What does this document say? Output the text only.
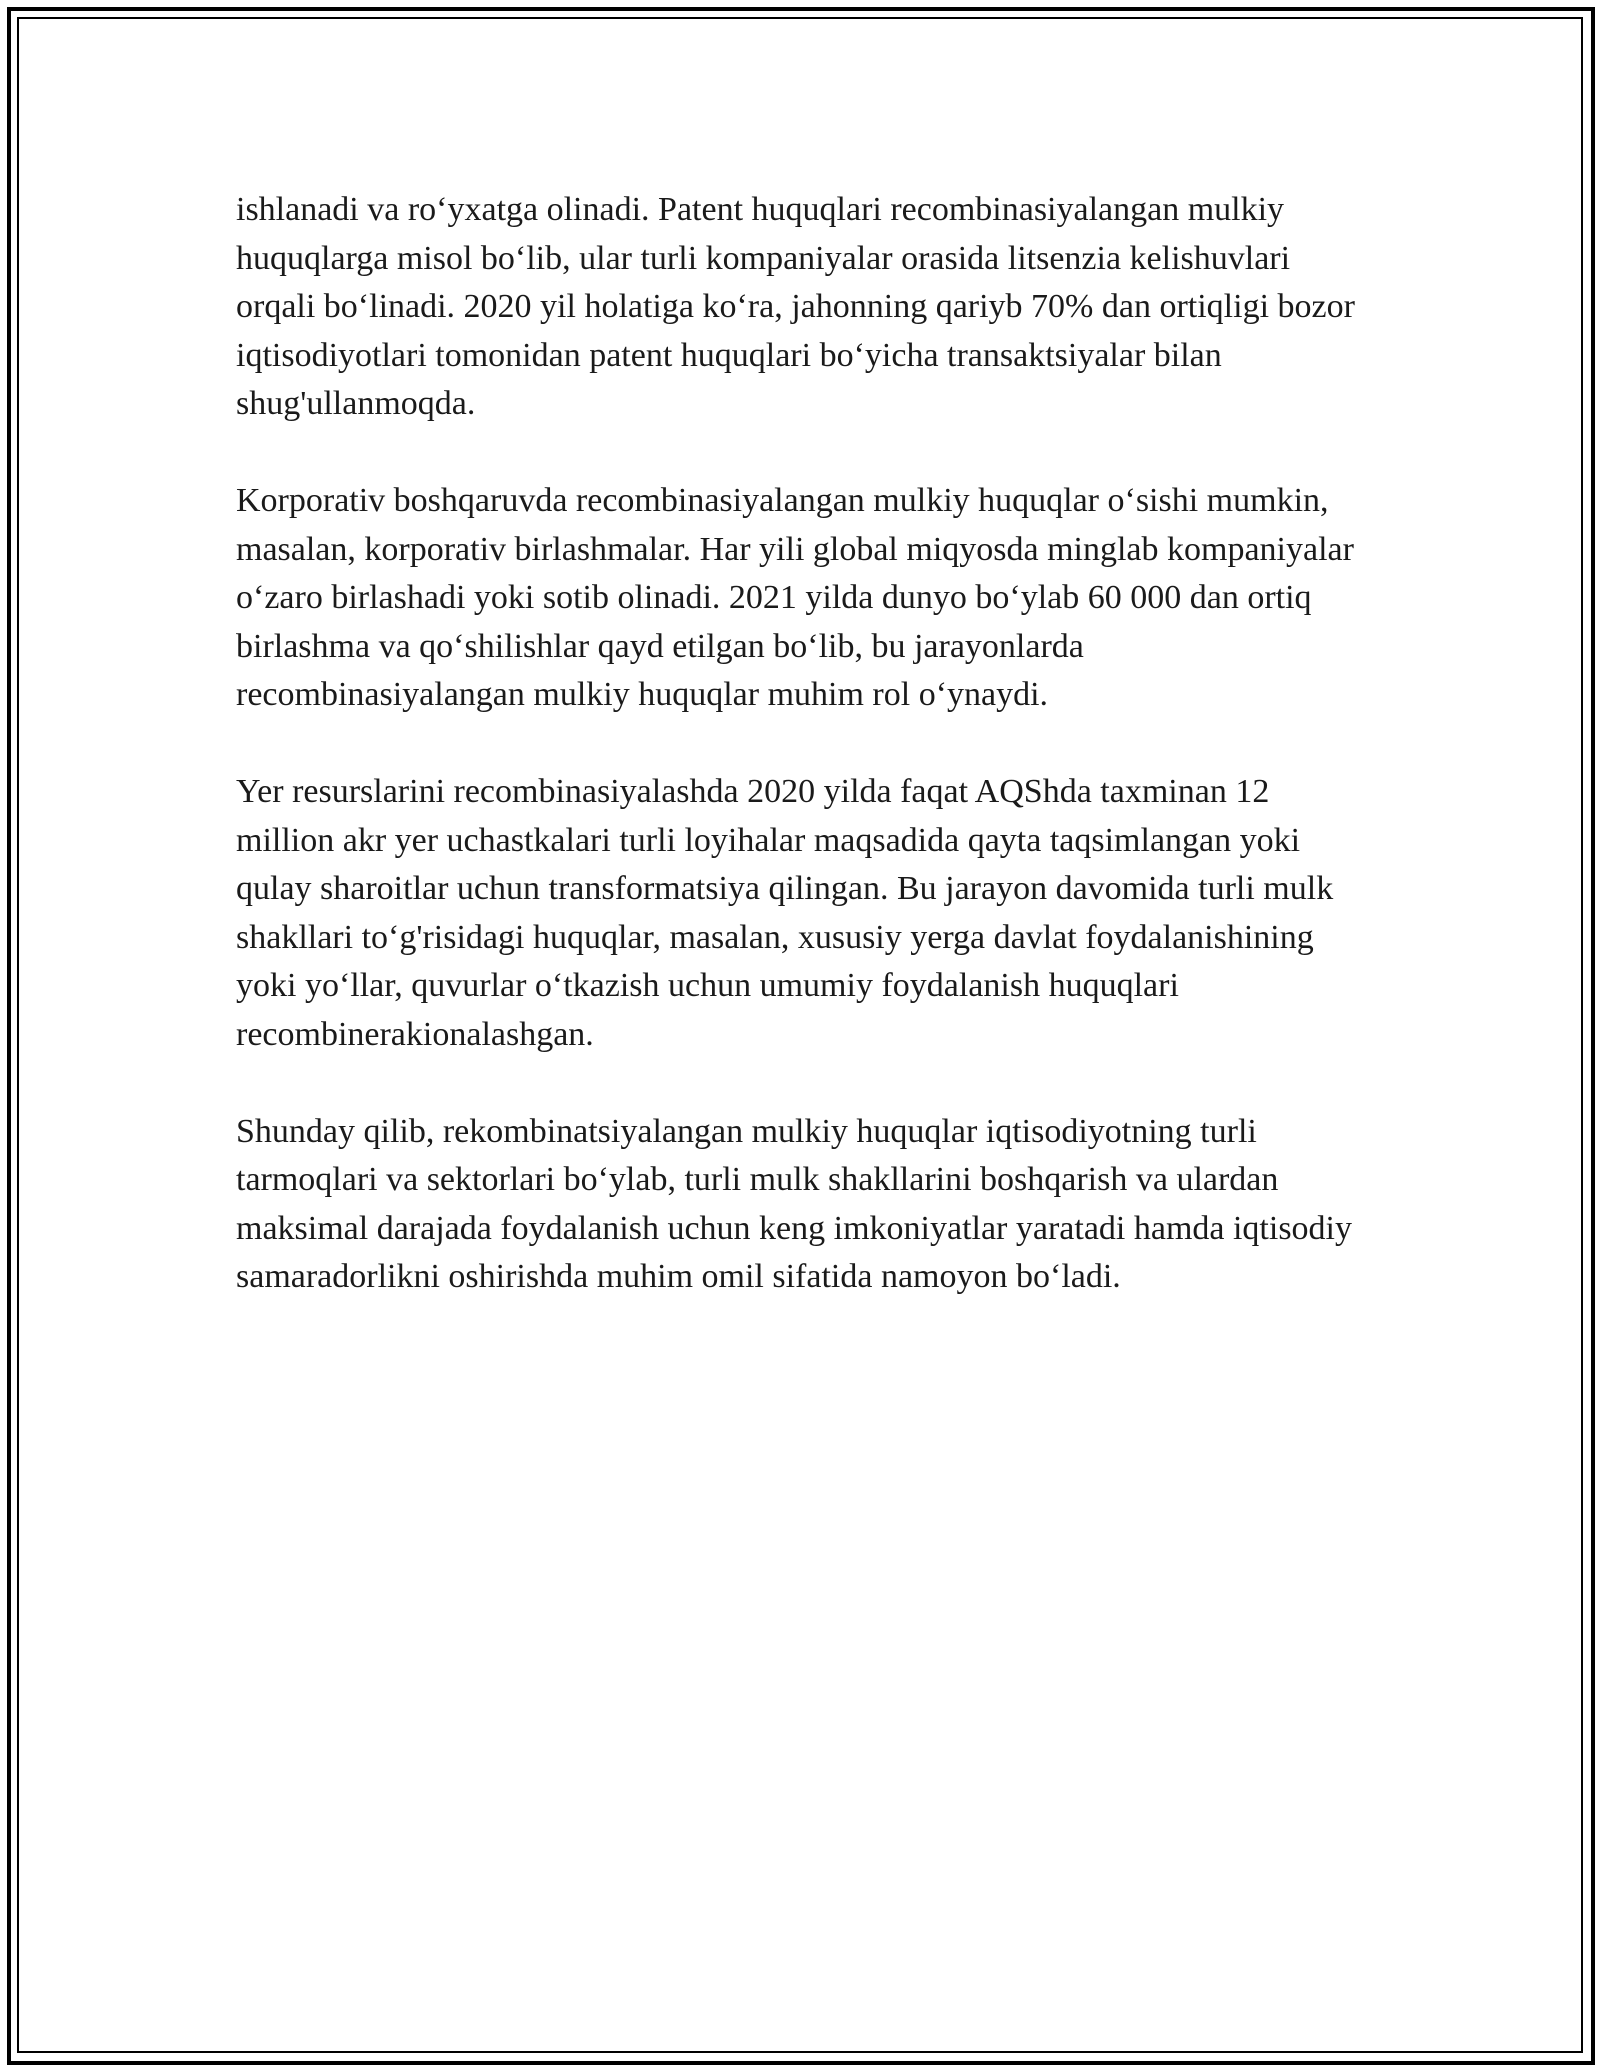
ishlanadi va ro‘yxatga olinadi. Patent huquqlari recombinasiyalangan mulkiy huquqlarga misol bo‘lib, ular turli kompaniyalar orasida litsenzia kelishuvlari orqali bo‘linadi. 2020 yil holatiga ko‘ra, jahonning qariyb 70% dan ortiqligi bozor iqtisodiyotlari tomonidan patent huquqlari bo‘yicha transaktsiyalar bilan shug'ullanmoqda.

Korporativ boshqaruvda recombinasiyalangan mulkiy huquqlar o‘sishi mumkin, masalan, korporativ birlashmalar. Har yili global miqyosda minglab kompaniyalar o‘zaro birlashadi yoki sotib olinadi. 2021 yilda dunyo bo‘ylab 60 000 dan ortiq birlashma va qo‘shilishlar qayd etilgan bo‘lib, bu jarayonlarda recombinasiyalangan mulkiy huquqlar muhim rol o‘ynaydi.

Yer resurslarini recombinasiyalashda 2020 yilda faqat AQShda taxminan 12 million akr yer uchastkalari turli loyihalar maqsadida qayta taqsimlangan yoki qulay sharoitlar uchun transformatsiya qilingan. Bu jarayon davomida turli mulk shakllari to‘g'risidagi huquqlar, masalan, xususiy yerga davlat foydalanishining yoki yo‘llar, quvurlar o‘tkazish uchun umumiy foydalanish huquqlari recombinerakionalashgan.

Shunday qilib, rekombinatsiyalangan mulkiy huquqlar iqtisodiyotning turli tarmoqlari va sektorlari bo‘ylab, turli mulk shakllarini boshqarish va ulardan maksimal darajada foydalanish uchun keng imkoniyatlar yaratadi hamda iqtisodiy samaradorlikni oshirishda muhim omil sifatida namoyon bo‘ladi.
